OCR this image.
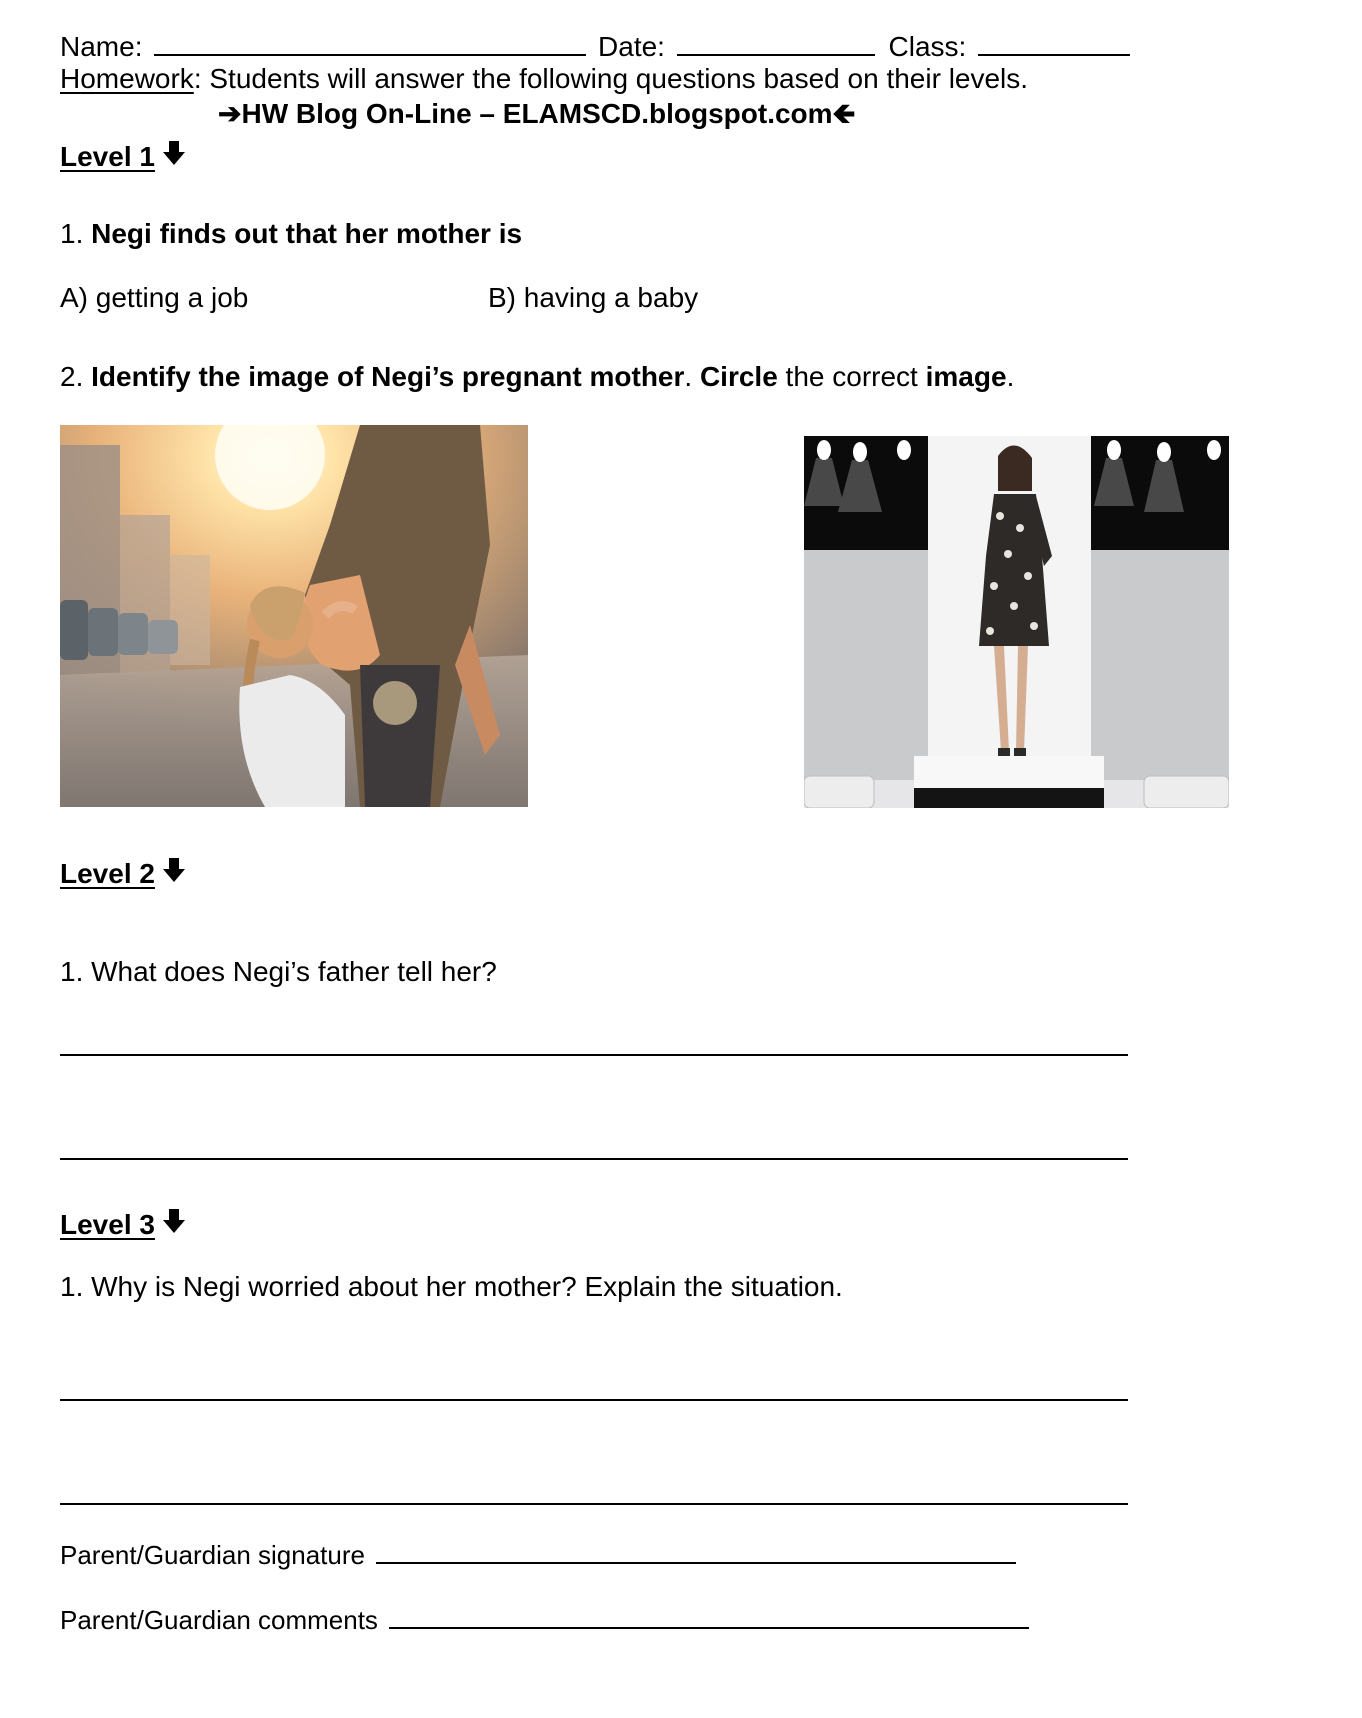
Name:	Date:	Class:
Homework: Students will answer the following questions based on their levels.
➔HW Blog On-Line – ELAMSCD.blogspot.com🡸
Level 1
1. Negi finds out that her mother is
A) getting a job	B) having a baby
2. Identify the image of Negi’s pregnant mother. Circle the correct image.
Level 2
1. What does Negi’s father tell her?
Level 3
1. Why is Negi worried about her mother? Explain the situation.
Parent/Guardian signature
Parent/Guardian comments
